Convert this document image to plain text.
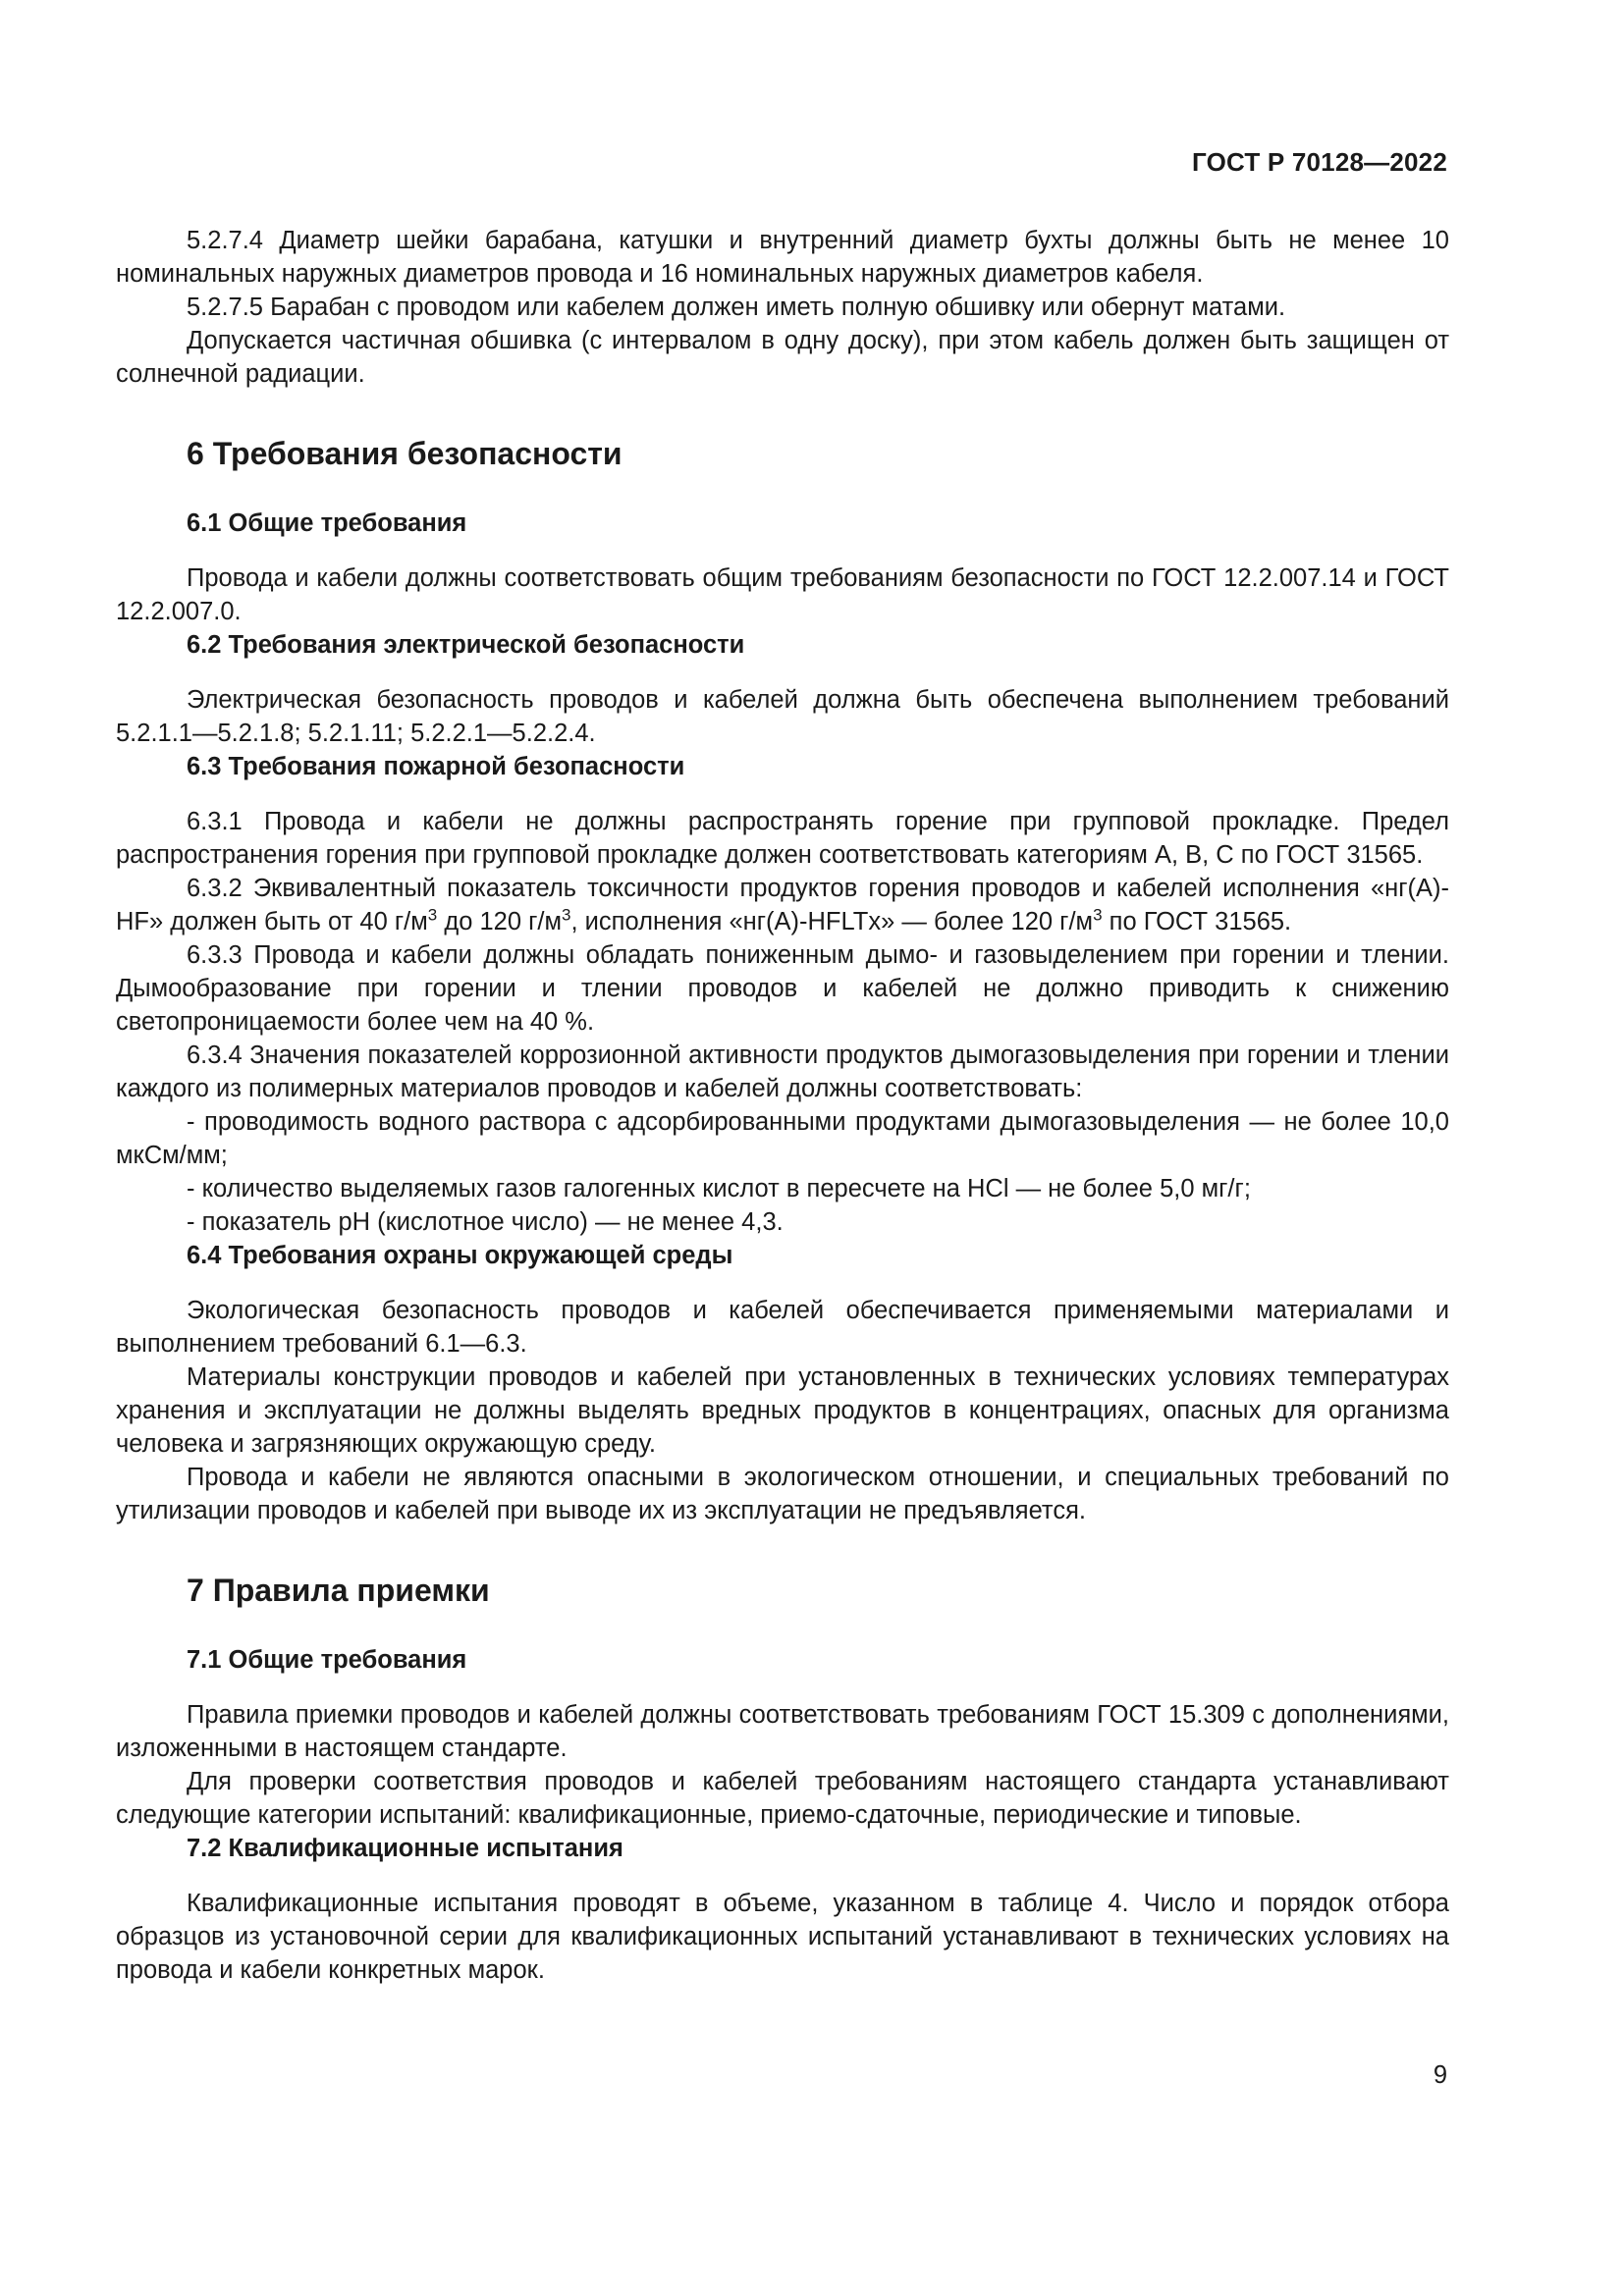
ГОСТ Р 70128—2022

5.2.7.4 Диаметр шейки барабана, катушки и внутренний диаметр бухты должны быть не менее 10 номинальных наружных диаметров провода и 16 номинальных наружных диаметров кабеля.

5.2.7.5 Барабан с проводом или кабелем должен иметь полную обшивку или обернут матами.

Допускается частичная обшивка (с интервалом в одну доску), при этом кабель должен быть защищен от солнечной радиации.

6 Требования безопасности
6.1 Общие требования

Провода и кабели должны соответствовать общим требованиям безопасности по ГОСТ 12.2.007.14 и ГОСТ 12.2.007.0.

6.2 Требования электрической безопасности

Электрическая безопасность проводов и кабелей должна быть обеспечена выполнением требований 5.2.1.1—5.2.1.8; 5.2.1.11; 5.2.2.1—5.2.2.4.

6.3 Требования пожарной безопасности

6.3.1 Провода и кабели не должны распространять горение при групповой прокладке. Предел распространения горения при групповой прокладке должен соответствовать категориям А, В, С по ГОСТ 31565.

6.3.2 Эквивалентный показатель токсичности продуктов горения проводов и кабелей исполнения «нг(А)-HF» должен быть от 40 $г/м^3$ до 120 $г/м^3$, исполнения «нг(А)-HFLTx» — более 120 $г/м^3$ по ГОСТ 31565.

6.3.3 Провода и кабели должны обладать пониженным дымо- и газовыделением при горении и тлении. Дымообразование при горении и тлении проводов и кабелей не должно приводить к снижению светопроницаемости более чем на 40 %.

6.3.4 Значения показателей коррозионной активности продуктов дымогазовыделения при горении и тлении каждого из полимерных материалов проводов и кабелей должны соответствовать:

- проводимость водного раствора с адсорбированными продуктами дымогазовыделения — не более 10,0 мкСм/мм;

- количество выделяемых газов галогенных кислот в пересчете на HCl — не более 5,0 мг/г;

- показатель pH (кислотное число) — не менее 4,3.

6.4 Требования охраны окружающей среды

Экологическая безопасность проводов и кабелей обеспечивается применяемыми материалами и выполнением требований 6.1—6.3.

Материалы конструкции проводов и кабелей при установленных в технических условиях температурах хранения и эксплуатации не должны выделять вредных продуктов в концентрациях, опасных для организма человека и загрязняющих окружающую среду.

Провода и кабели не являются опасными в экологическом отношении, и специальных требований по утилизации проводов и кабелей при выводе их из эксплуатации не предъявляется.

7 Правила приемки
7.1 Общие требования

Правила приемки проводов и кабелей должны соответствовать требованиям ГОСТ 15.309 с дополнениями, изложенными в настоящем стандарте.

Для проверки соответствия проводов и кабелей требованиям настоящего стандарта устанавливают следующие категории испытаний: квалификационные, приемо-сдаточные, периодические и типовые.

7.2 Квалификационные испытания

Квалификационные испытания проводят в объеме, указанном в таблице 4. Число и порядок отбора образцов из установочной серии для квалификационных испытаний устанавливают в технических условиях на провода и кабели конкретных марок.

9
